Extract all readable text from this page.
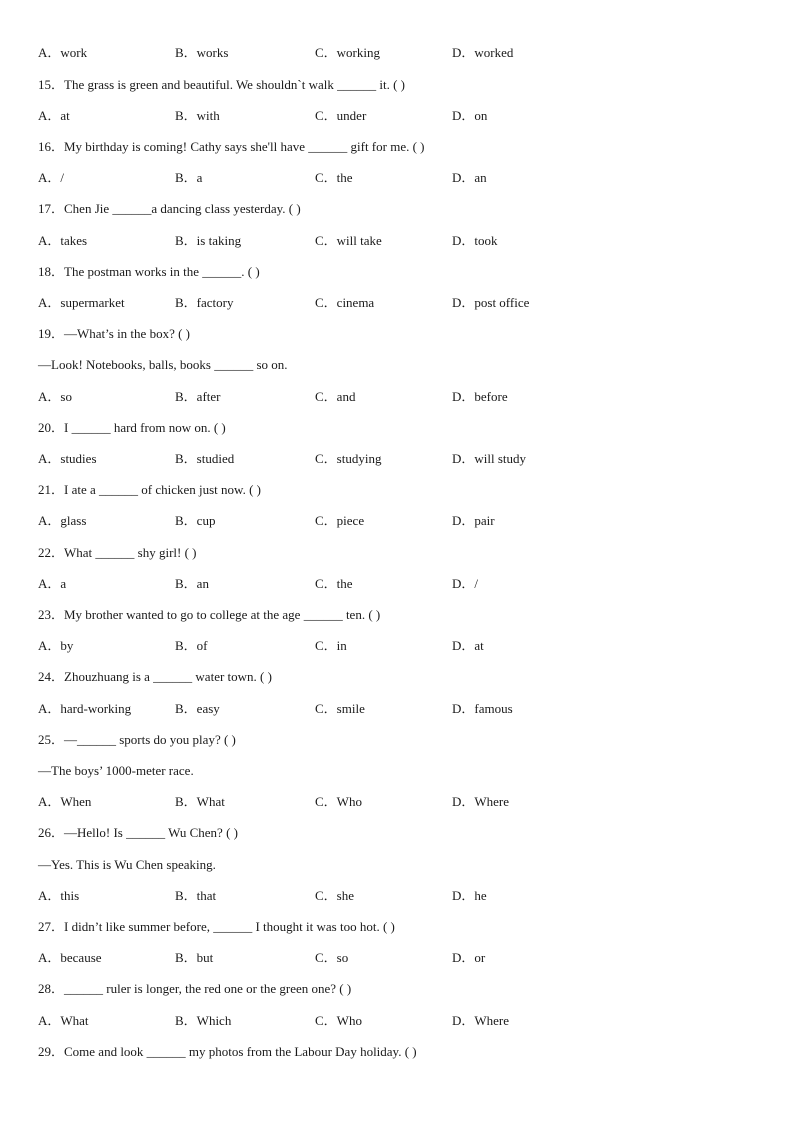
A．work	B．works	C．working	D．worked
15．The grass is green and beautiful. We shouldn`t walk ______ it. ( )
A．at	B．with	C．under	D．on
16．My birthday is coming! Cathy says she'll have ______ gift for me. ( )
A．/	B．a	C．the	D．an
17．Chen Jie ______a dancing class yesterday. ( )
A．takes	B．is taking	C．will take	D．took
18．The postman works in the ______. ( )
A．supermarket	B．factory	C．cinema	D．post office
19．—What’s in the box? ( )
—Look! Notebooks, balls, books ______ so on.
A．so	B．after	C．and	D．before
20．I ______ hard from now on. ( )
A．studies	B．studied	C．studying	D．will study
21．I ate a ______ of chicken just now. ( )
A．glass	B．cup	C．piece	D．pair
22．What ______ shy girl! ( )
A．a	B．an	C．the	D．/
23．My brother wanted to go to college at the age ______ ten. ( )
A．by	B．of	C．in	D．at
24．Zhouzhuang is a ______ water town. ( )
A．hard-working	B．easy	C．smile	D．famous
25．—______ sports do you play? ( )
—The boys’ 1000-meter race.
A．When	B．What	C．Who	D．Where
26．—Hello! Is ______ Wu Chen? ( )
—Yes. This is Wu Chen speaking.
A．this	B．that	C．she	D．he
27．I didn’t like summer before, ______ I thought it was too hot. ( )
A．because	B．but	C．so	D．or
28．______ ruler is longer, the red one or the green one? ( )
A．What	B．Which	C．Who	D．Where
29．Come and look ______ my photos from the Labour Day holiday. ( )
